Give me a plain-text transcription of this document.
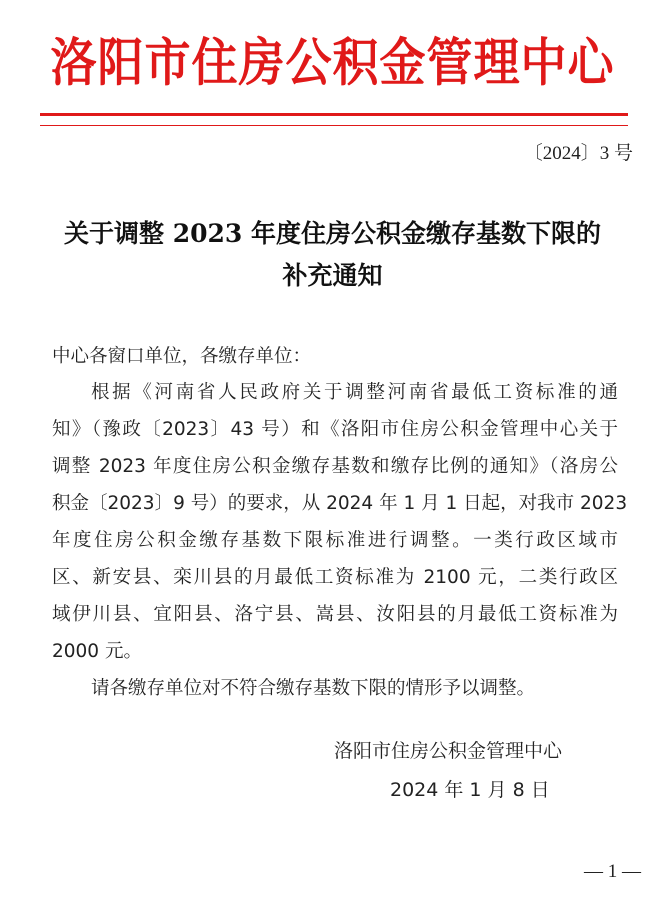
洛阳市住房公积金管理中心
〔2024〕3 号
关于调整 2023 年度住房公积金缴存基数下限的
补充通知
中心各窗口单位，各缴存单位：
根据《河南省人民政府关于调整河南省最低工资标准的通
知》（豫政〔2023〕43 号）和《洛阳市住房公积金管理中心关于
调整 2023 年度住房公积金缴存基数和缴存比例的通知》（洛房公
积金〔2023〕9 号）的要求，从 2024 年 1 月 1 日起，对我市 2023
年度住房公积金缴存基数下限标准进行调整。一类行政区域市
区、新安县、栾川县的月最低工资标准为 2100 元，二类行政区
域伊川县、宜阳县、洛宁县、嵩县、汝阳县的月最低工资标准为
2000 元。
请各缴存单位对不符合缴存基数下限的情形予以调整。
洛阳市住房公积金管理中心
2024 年 1 月 8 日
— 1 —
